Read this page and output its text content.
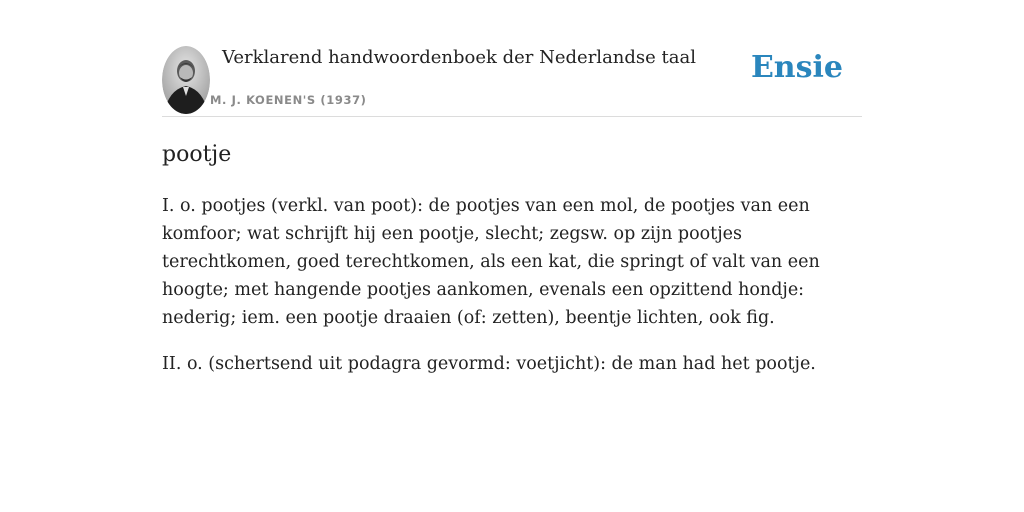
Verklarend handwoordenboek der Nederlandse taal
M. J. KOENEN'S (1937)
Ensie
pootje

I. o. pootjes (verkl. van poot): de pootjes van een mol, de pootjes van een komfoor; wat schrijft hij een pootje, slecht; zegsw. op zijn pootjes terechtkomen, goed terechtkomen, als een kat, die springt of valt van een hoogte; met hangende pootjes aankomen, evenals een opzittend hondje: nederig; iem. een pootje draaien (of: zetten), beentje lichten, ook fig.

II. o. (schertsend uit podagra gevormd: voetjicht): de man had het pootje.
